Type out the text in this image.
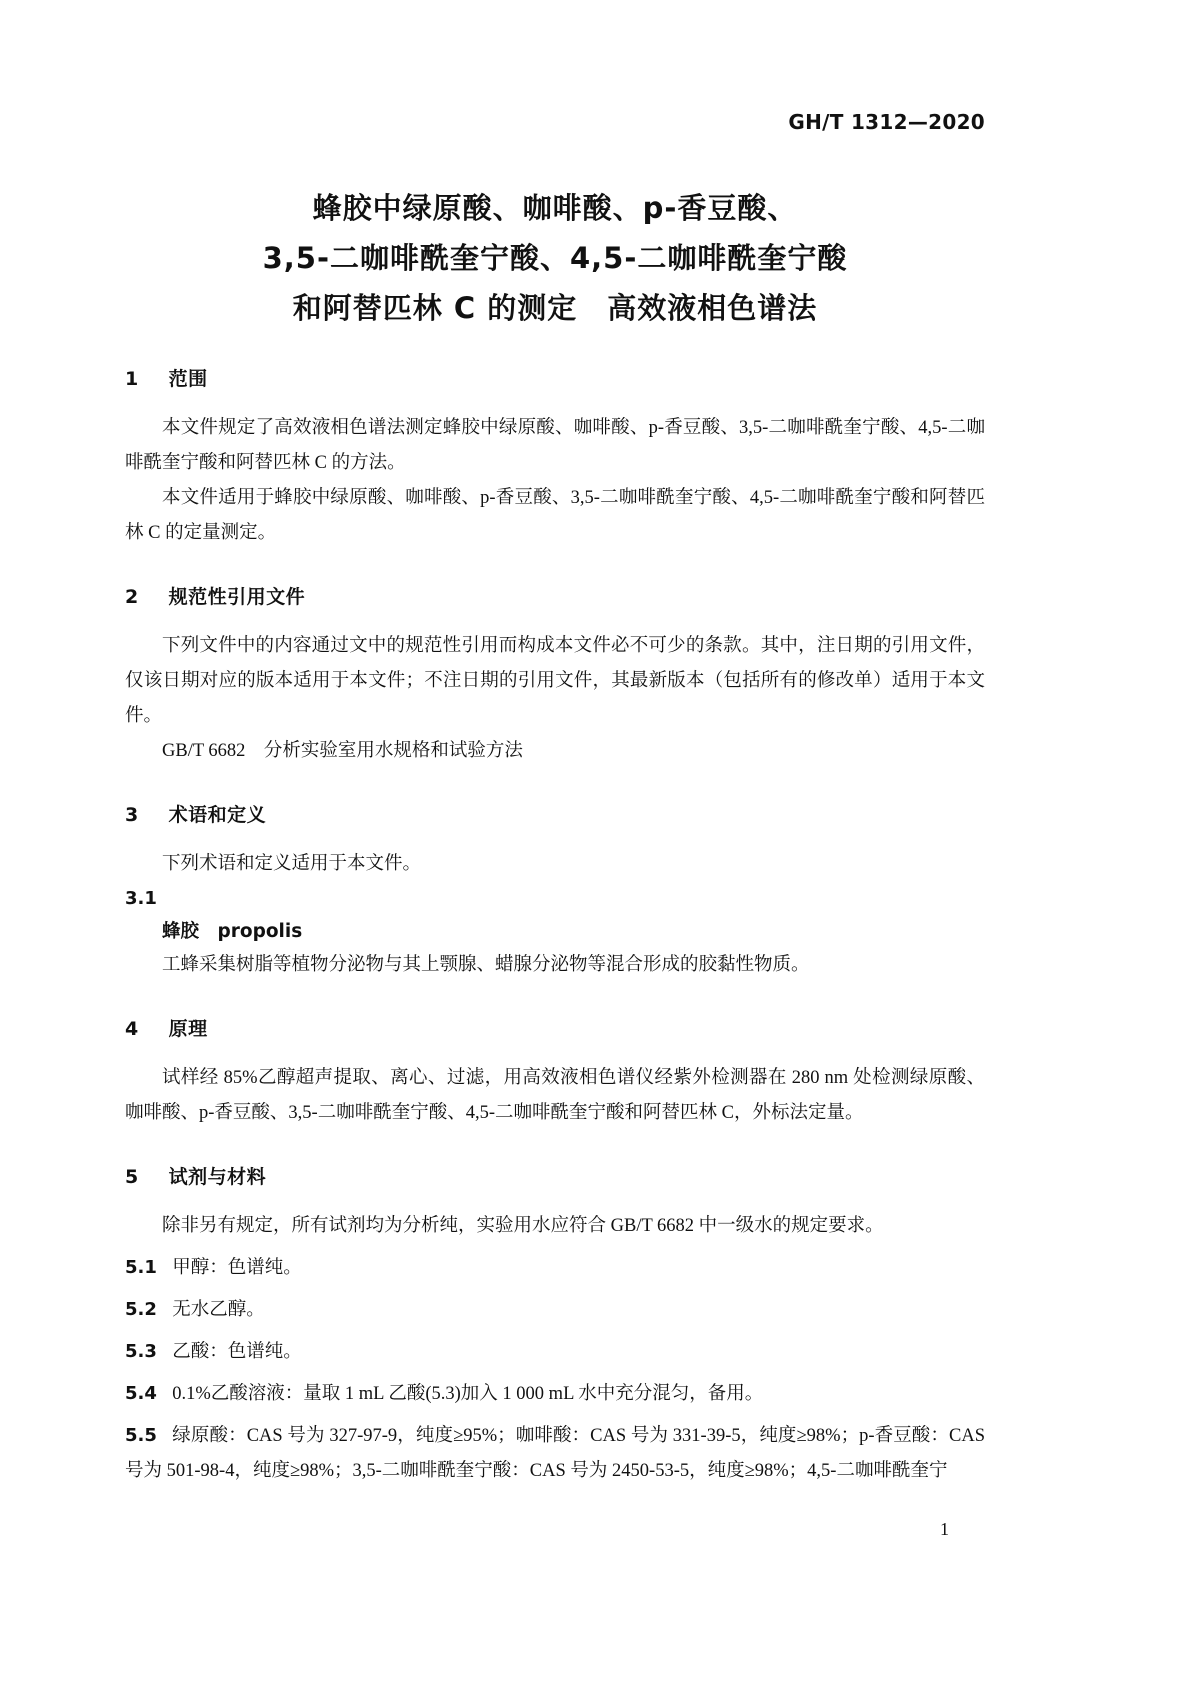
GH/T 1312—2020
蜂胶中绿原酸、咖啡酸、p-香豆酸、
3,5-二咖啡酰奎宁酸、4,5-二咖啡酰奎宁酸
和阿替匹林 C 的测定　高效液相色谱法
1 范围

本文件规定了高效液相色谱法测定蜂胶中绿原酸、咖啡酸、p-香豆酸、3,5-二咖啡酰奎宁酸、4,5-二咖啡酰奎宁酸和阿替匹林 C 的方法。

本文件适用于蜂胶中绿原酸、咖啡酸、p-香豆酸、3,5-二咖啡酰奎宁酸、4,5-二咖啡酰奎宁酸和阿替匹林 C 的定量测定。

2 规范性引用文件

下列文件中的内容通过文中的规范性引用而构成本文件必不可少的条款。其中，注日期的引用文件，仅该日期对应的版本适用于本文件；不注日期的引用文件，其最新版本（包括所有的修改单）适用于本文件。

GB/T 6682　分析实验室用水规格和试验方法

3 术语和定义

下列术语和定义适用于本文件。

3.1

蜂胶　propolis

工蜂采集树脂等植物分泌物与其上颚腺、蜡腺分泌物等混合形成的胶黏性物质。

4 原理

试样经 85%乙醇超声提取、离心、过滤，用高效液相色谱仪经紫外检测器在 280 nm 处检测绿原酸、咖啡酸、p-香豆酸、3,5-二咖啡酰奎宁酸、4,5-二咖啡酰奎宁酸和阿替匹林 C，外标法定量。

5 试剂与材料

除非另有规定，所有试剂均为分析纯，实验用水应符合 GB/T 6682 中一级水的规定要求。

5.1 甲醇：色谱纯。

5.2 无水乙醇。

5.3 乙酸：色谱纯。

5.4 0.1%乙酸溶液：量取 1 mL 乙酸(5.3)加入 1 000 mL 水中充分混匀，备用。

5.5 绿原酸：CAS 号为 327-97-9，纯度≥95%；咖啡酸：CAS 号为 331-39-5，纯度≥98%；p-香豆酸：CAS 号为 501-98-4，纯度≥98%；3,5-二咖啡酰奎宁酸：CAS 号为 2450-53-5，纯度≥98%；4,5-二咖啡酰奎宁

1
